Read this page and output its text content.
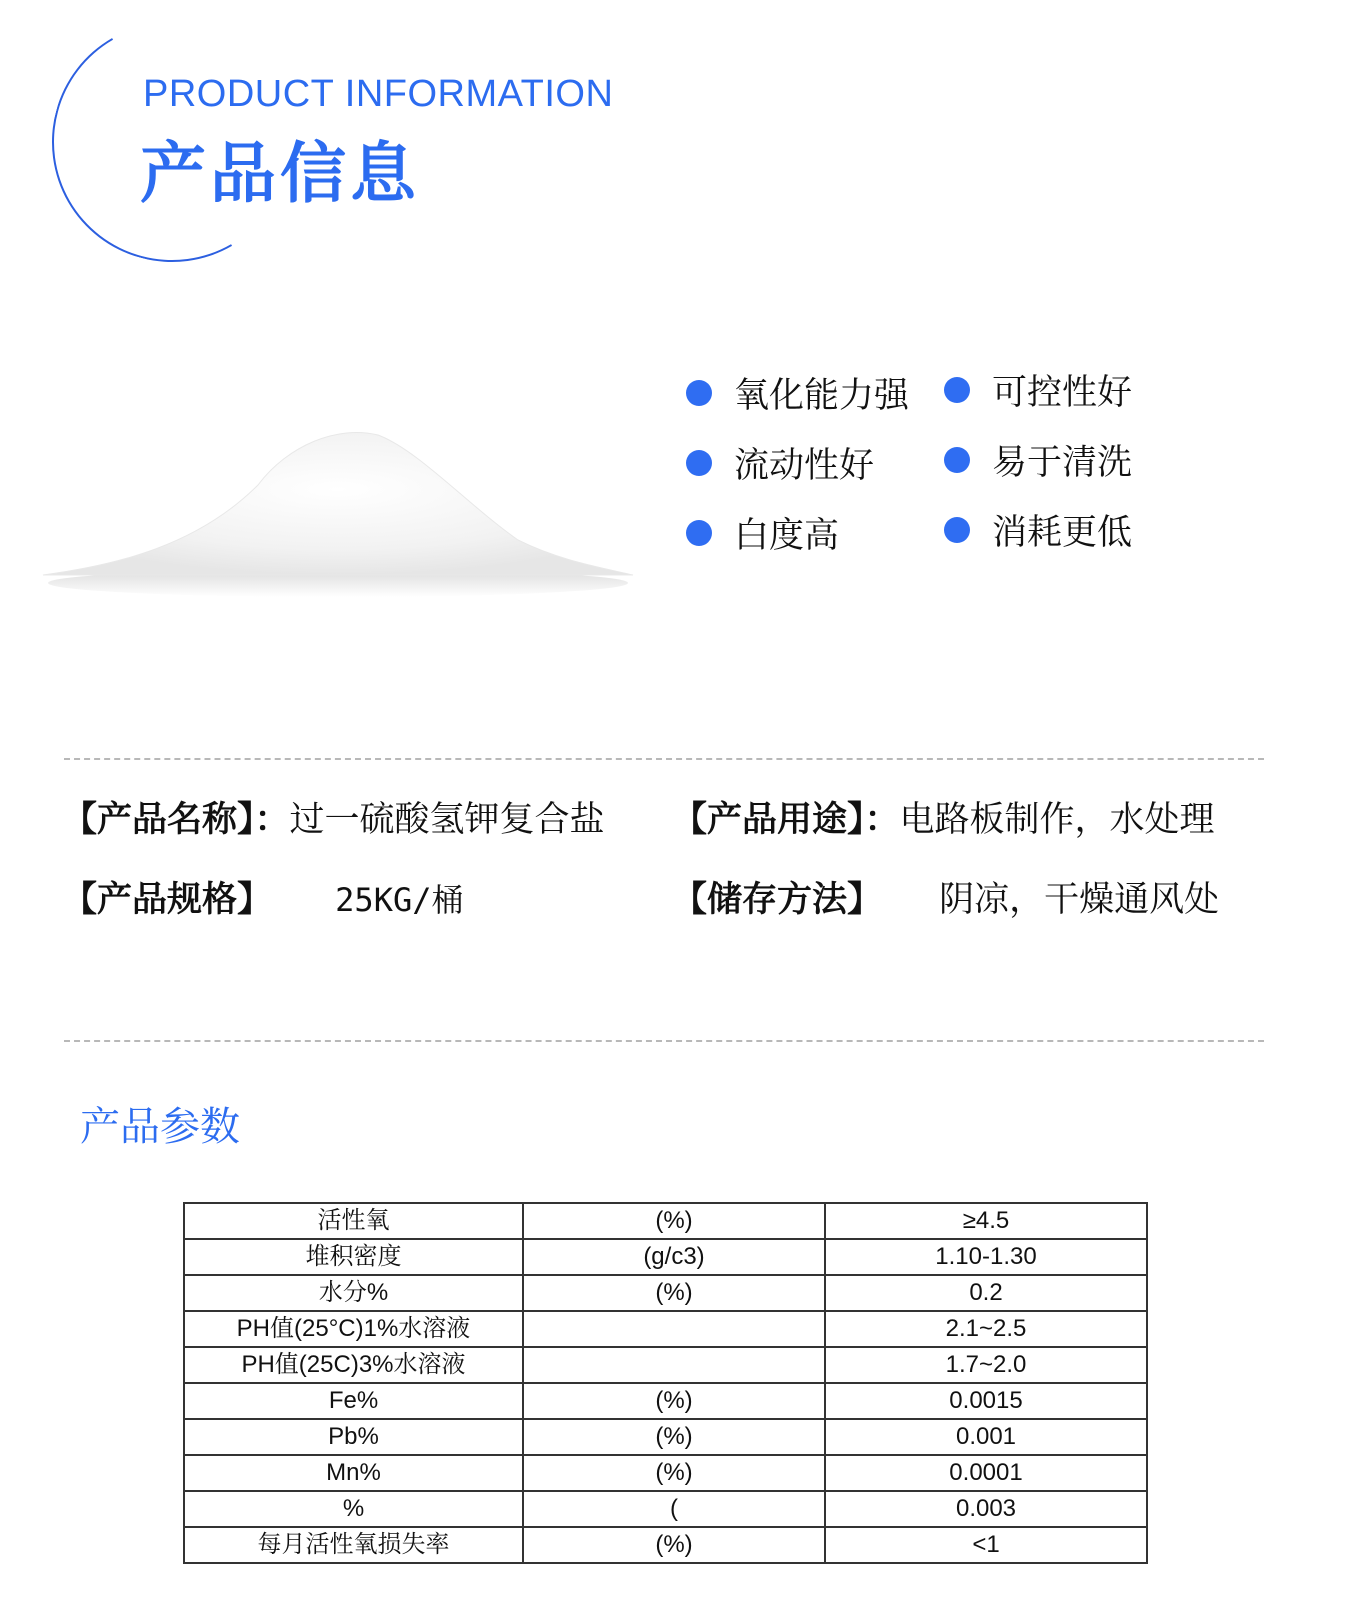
PRODUCT INFORMATION
产品信息
氧化能力强 可控性好
流动性好	易于清洗
白度高	消耗更低
【产品名称】：过一硫酸氢钾复合盐 【产品用途】：电路板制作，水处理
【产品规格】 25KG/桶	【储存方法】 阴凉，干燥通风处
产品参数
活性氧	(%)	≥4.5
堆积密度	(g/c3)	1.10-1.30
水分%	(%)	0.2
PH值(25°C)1%水溶液		2.1~2.5
PH值(25C)3%水溶液		1.7~2.0
Fe%	(%)	0.0015
Pb%	(%)	0.001
Mn%	(%)	0.0001
%	(	0.003
每月活性氧损失率	(%)	<1
